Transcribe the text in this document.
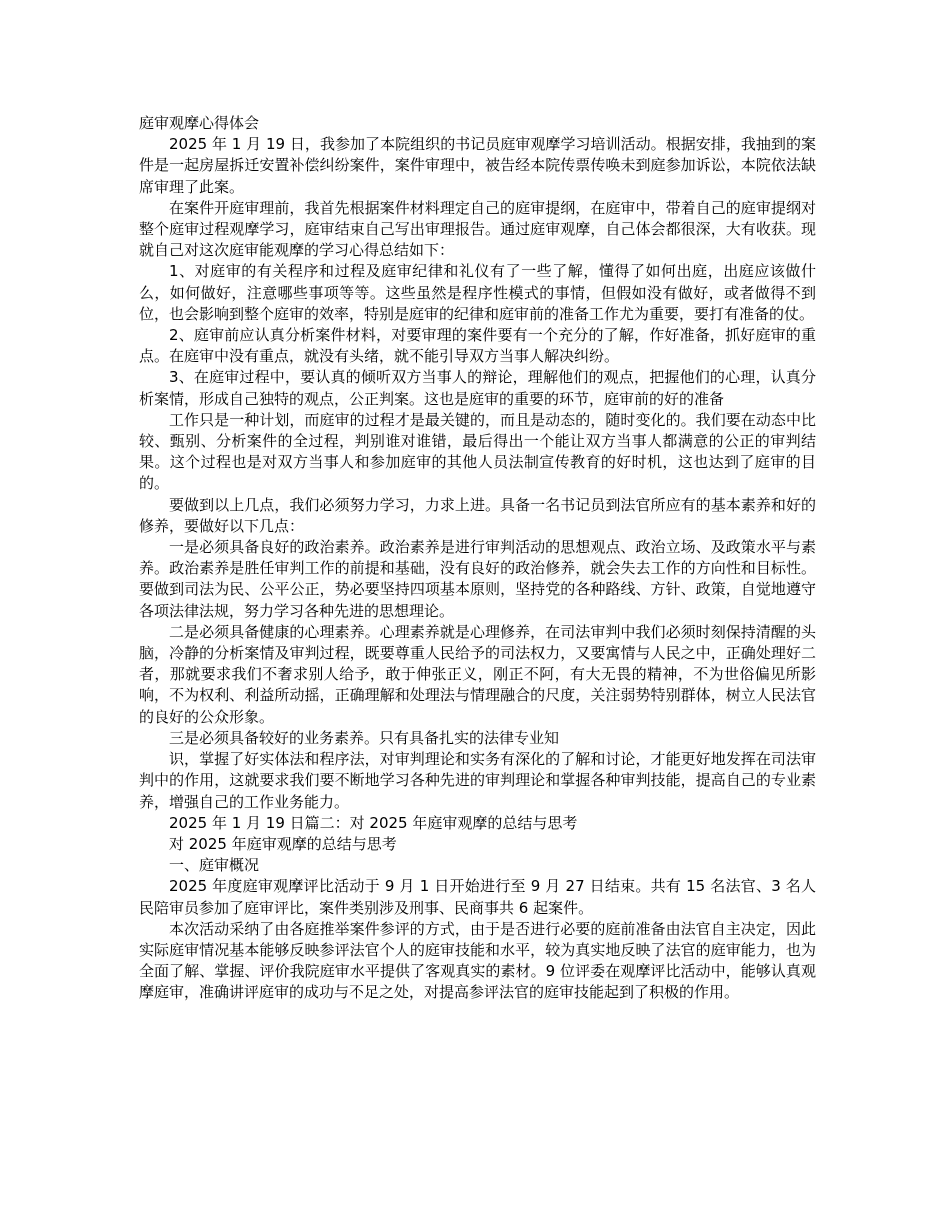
庭审观摩心得体会

2025 年 1 月 19 日，我参加了本院组织的书记员庭审观摩学习培训活动。根据安排，我抽到的案件是一起房屋拆迁安置补偿纠纷案件，案件审理中，被告经本院传票传唤未到庭参加诉讼，本院依法缺席审理了此案。

在案件开庭审理前，我首先根据案件材料理定自己的庭审提纲，在庭审中，带着自己的庭审提纲对整个庭审过程观摩学习，庭审结束自己写出审理报告。通过庭审观摩，自己体会都很深，大有收获。现就自己对这次庭审能观摩的学习心得总结如下：

1、对庭审的有关程序和过程及庭审纪律和礼仪有了一些了解，懂得了如何出庭，出庭应该做什么，如何做好，注意哪些事项等等。这些虽然是程序性模式的事情，但假如没有做好，或者做得不到位，也会影响到整个庭审的效率，特别是庭审的纪律和庭审前的准备工作尤为重要，要打有准备的仗。

2、庭审前应认真分析案件材料，对要审理的案件要有一个充分的了解，作好准备，抓好庭审的重点。在庭审中没有重点，就没有头绪，就不能引导双方当事人解决纠纷。

3、在庭审过程中，要认真的倾听双方当事人的辩论，理解他们的观点，把握他们的心理，认真分析案情，形成自己独特的观点，公正判案。这也是庭审的重要的环节，庭审前的好的准备

工作只是一种计划，而庭审的过程才是最关键的，而且是动态的，随时变化的。我们要在动态中比较、甄别、分析案件的全过程，判别谁对谁错，最后得出一个能让双方当事人都满意的公正的审判结果。这个过程也是对双方当事人和参加庭审的其他人员法制宣传教育的好时机，这也达到了庭审的目的。

要做到以上几点，我们必须努力学习，力求上进。具备一名书记员到法官所应有的基本素养和好的修养，要做好以下几点：

一是必须具备良好的政治素养。政治素养是进行审判活动的思想观点、政治立场、及政策水平与素养。政治素养是胜任审判工作的前提和基础，没有良好的政治修养，就会失去工作的方向性和目标性。要做到司法为民、公平公正，势必要坚持四项基本原则，坚持党的各种路线、方针、政策，自觉地遵守各项法律法规，努力学习各种先进的思想理论。

二是必须具备健康的心理素养。心理素养就是心理修养，在司法审判中我们必须时刻保持清醒的头脑，冷静的分析案情及审判过程，既要尊重人民给予的司法权力，又要寓情与人民之中，正确处理好二者，那就要求我们不奢求别人给予，敢于伸张正义，刚正不阿，有大无畏的精神，不为世俗偏见所影响，不为权利、利益所动摇，正确理解和处理法与情理融合的尺度，关注弱势特别群体，树立人民法官的良好的公众形象。

三是必须具备较好的业务素养。只有具备扎实的法律专业知

识，掌握了好实体法和程序法，对审判理论和实务有深化的了解和讨论，才能更好地发挥在司法审判中的作用，这就要求我们要不断地学习各种先进的审判理论和掌握各种审判技能，提高自己的专业素养，增强自己的工作业务能力。

2025 年 1 月 19 日篇二：对 2025 年庭审观摩的总结与思考

对 2025 年庭审观摩的总结与思考

一、庭审概况

2025 年度庭审观摩评比活动于 9 月 1 日开始进行至 9 月 27 日结束。共有 15 名法官、3 名人民陪审员参加了庭审评比，案件类别涉及刑事、民商事共 6 起案件。

本次活动采纳了由各庭推举案件参评的方式，由于是否进行必要的庭前准备由法官自主决定，因此实际庭审情况基本能够反映参评法官个人的庭审技能和水平，较为真实地反映了法官的庭审能力，也为全面了解、掌握、评价我院庭审水平提供了客观真实的素材。9 位评委在观摩评比活动中，能够认真观摩庭审，准确讲评庭审的成功与不足之处，对提高参评法官的庭审技能起到了积极的作用。
